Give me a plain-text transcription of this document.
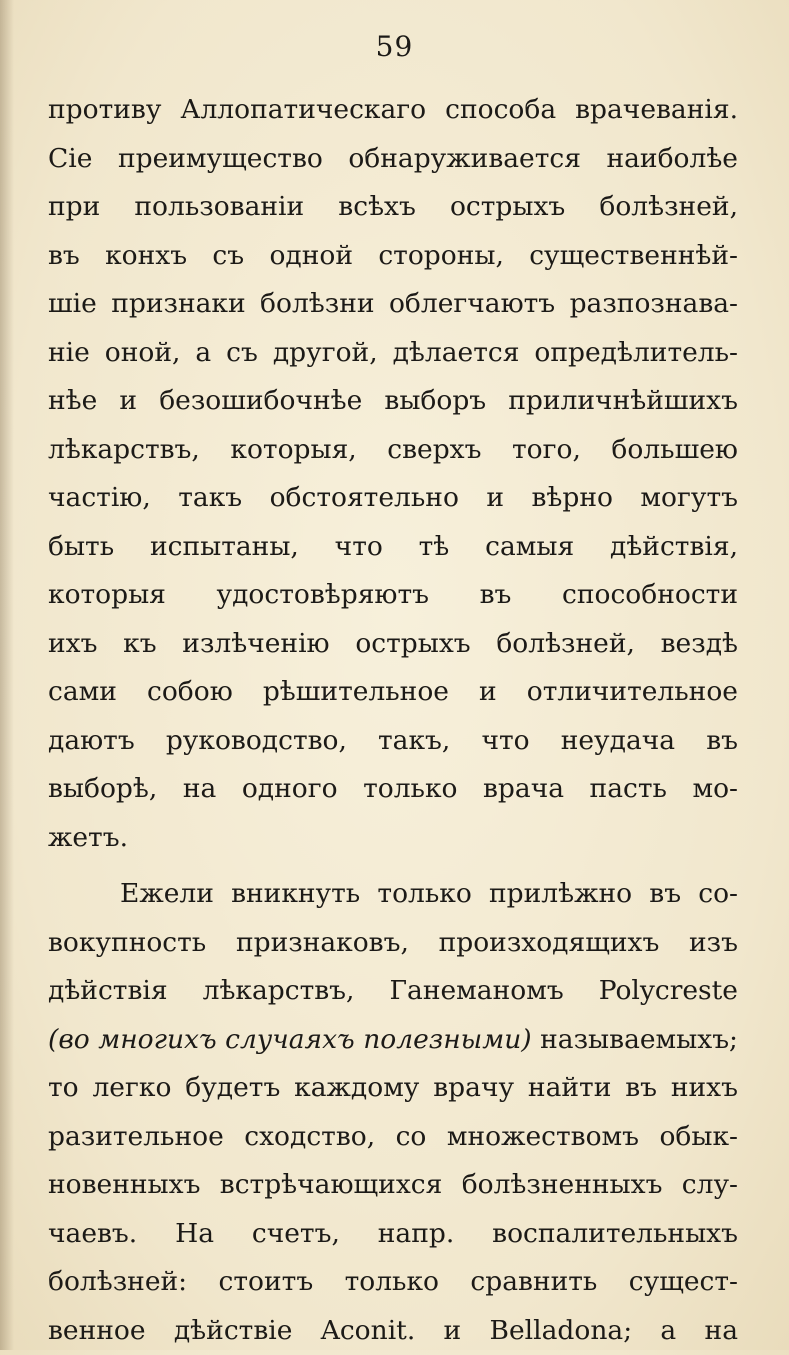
59
противу Аллопатическаго способа врачеванія.
Сіе преимущество обнаруживается наиболѣе
при пользованіи всѣхъ острыхъ болѣзней,
въ конхъ съ одной стороны, существеннѣй-
шіе признаки болѣзни облегчаютъ разпознава-
ніе оной, а съ другой, дѣлается опредѣлитель-
нѣе и безошибочнѣе выборъ приличнѣйшихъ
лѣкарствъ, которыя, сверхъ того, большею
частію, такъ обстоятельно и вѣрно могутъ
быть испытаны, что тѣ самыя дѣйствія,
которыя удостовѣряютъ въ способности
ихъ къ излѣченію острыхъ болѣзней, вездѣ
сами собою рѣшительное и отличительное
даютъ руководство, такъ, что неудача въ
выборѣ, на одного только врача пасть мо-
жетъ.
Ежели вникнуть только прилѣжно въ со-
вокупность признаковъ, произходящихъ изъ
дѣйствія лѣкарствъ, Ганеманомъ Polycreste
(во многихъ случаяхъ полезными) называемыхъ;
то легко будетъ каждому врачу найти въ нихъ
разительное сходство, со множествомъ обык-
новенныхъ встрѣчающихся болѣзненныхъ слу-
чаевъ. На счетъ, напр. воспалительныхъ
болѣзней: стоитъ только сравнить сущест-
венное дѣйствіе Aconit. и Belladona; а на
